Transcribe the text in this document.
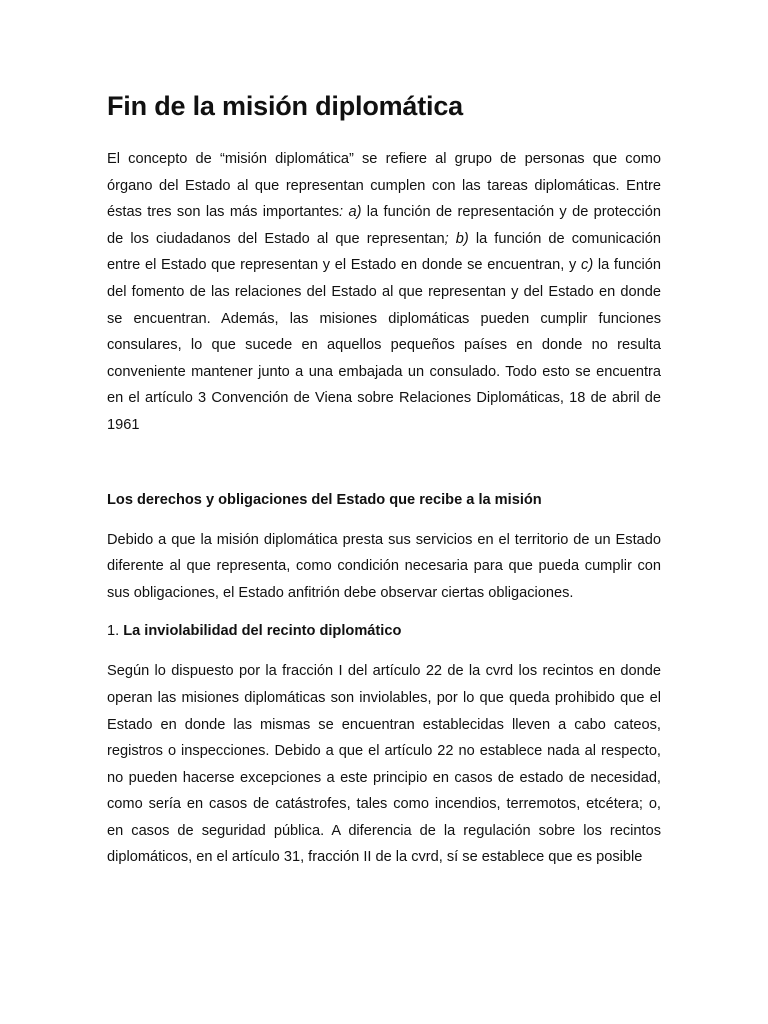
Fin de la misión diplomática

El concepto de “misión diplomática” se refiere al grupo de personas que como órgano del Estado al que representan cumplen con las tareas diplomáticas. Entre éstas tres son las más importantes: a) la función de representación y de protección de los ciudadanos del Estado al que representan; b) la función de comunicación entre el Estado que representan y el Estado en donde se encuentran, y c) la función del fomento de las relaciones del Estado al que representan y del Estado en donde se encuentran. Además, las misiones diplomáticas pueden cumplir funciones consulares, lo que sucede en aquellos pequeños países en donde no resulta conveniente mantener junto a una embajada un consulado. Todo esto se encuentra en el artículo 3 Convención de Viena sobre Relaciones Diplomáticas, 18 de abril de 1961

Los derechos y obligaciones del Estado que recibe a la misión

Debido a que la misión diplomática presta sus servicios en el territorio de un Estado diferente al que representa, como condición necesaria para que pueda cumplir con sus obligaciones, el Estado anfitrión debe observar ciertas obligaciones.

1. La inviolabilidad del recinto diplomático

Según lo dispuesto por la fracción I del artículo 22 de la cvrd los recintos en donde operan las misiones diplomáticas son inviolables, por lo que queda prohibido que el Estado en donde las mismas se encuentran establecidas lleven a cabo cateos, registros o inspecciones. Debido a que el artículo 22 no establece nada al respecto, no pueden hacerse excepciones a este principio en casos de estado de necesidad, como sería en casos de catástrofes, tales como incendios, terremotos, etcétera; o, en casos de seguridad pública. A diferencia de la regulación sobre los recintos diplomáticos, en el artículo 31, fracción II de la cvrd, sí se establece que es posible
